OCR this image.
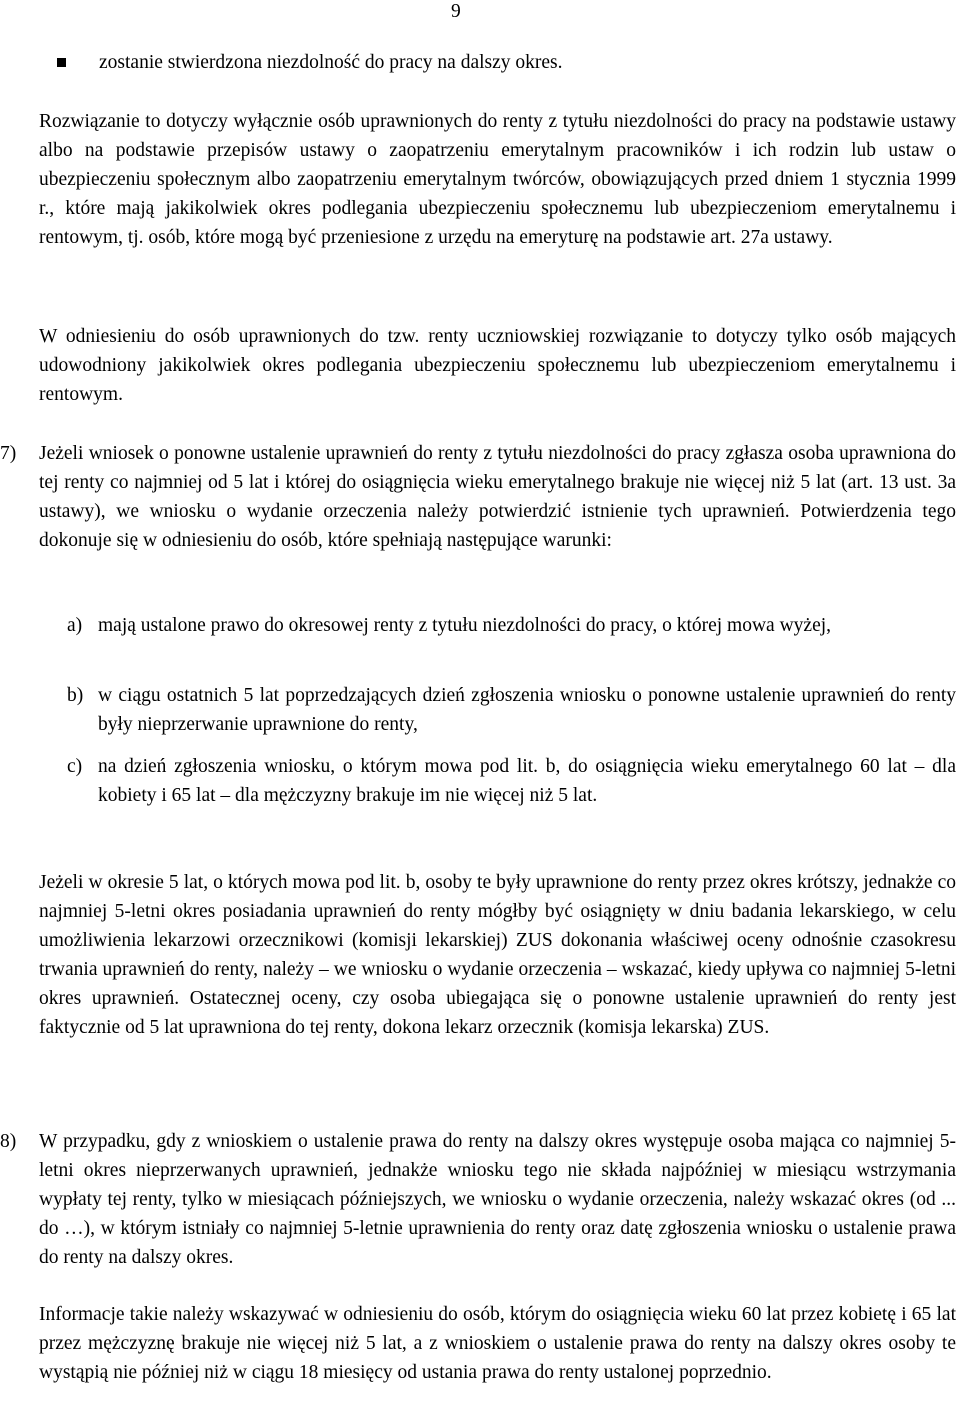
9
zostanie stwierdzona niezdolność do pracy na dalszy okres.
Rozwiązanie to dotyczy wyłącznie osób uprawnionych do renty z tytułu niezdolności do pracy na podstawie ustawy albo na podstawie przepisów ustawy o zaopatrzeniu emerytalnym pracowników i ich rodzin lub ustaw o ubezpieczeniu społecznym albo zaopatrzeniu emerytalnym twórców, obowiązujących przed dniem 1 stycznia 1999 r., które mają jakikolwiek okres podlegania ubezpieczeniu społecznemu lub ubezpieczeniom emerytalnemu i rentowym, tj. osób, które mogą być przeniesione z urzędu na emeryturę na podstawie art. 27a ustawy.
W odniesieniu do osób uprawnionych do tzw. renty uczniowskiej rozwiązanie to dotyczy tylko osób mających udowodniony jakikolwiek okres podlegania ubezpieczeniu społecznemu lub ubezpieczeniom emerytalnemu i rentowym.
7) Jeżeli wniosek o ponowne ustalenie uprawnień do renty z tytułu niezdolności do pracy zgłasza osoba uprawniona do tej renty co najmniej od 5 lat i której do osiągnięcia wieku emerytalnego brakuje nie więcej niż 5 lat (art. 13 ust. 3a ustawy), we wniosku o wydanie orzeczenia należy potwierdzić istnienie tych uprawnień. Potwierdzenia tego dokonuje się w odniesieniu do osób, które spełniają następujące warunki:
a) mają ustalone prawo do okresowej renty z tytułu niezdolności do pracy, o której mowa wyżej,
b) w ciągu ostatnich 5 lat poprzedzających dzień zgłoszenia wniosku o ponowne ustalenie uprawnień do renty były nieprzerwanie uprawnione do renty,
c) na dzień zgłoszenia wniosku, o którym mowa pod lit. b, do osiągnięcia wieku emerytalnego 60 lat – dla kobiety i 65 lat – dla mężczyzny brakuje im nie więcej niż 5 lat.
Jeżeli w okresie 5 lat, o których mowa pod lit. b, osoby te były uprawnione do renty przez okres krótszy, jednakże co najmniej 5-letni okres posiadania uprawnień do renty mógłby być osiągnięty w dniu badania lekarskiego, w celu umożliwienia lekarzowi orzecznikowi (komisji lekarskiej) ZUS dokonania właściwej oceny odnośnie czasokresu trwania uprawnień do renty, należy – we wniosku o wydanie orzeczenia – wskazać, kiedy upływa co najmniej 5-letni okres uprawnień. Ostatecznej oceny, czy osoba ubiegająca się o ponowne ustalenie uprawnień do renty jest faktycznie od 5 lat uprawniona do tej renty, dokona lekarz orzecznik (komisja lekarska) ZUS.
8) W przypadku, gdy z wnioskiem o ustalenie prawa do renty na dalszy okres występuje osoba mająca co najmniej 5-letni okres nieprzerwanych uprawnień, jednakże wniosku tego nie składa najpóźniej w miesiącu wstrzymania wypłaty tej renty, tylko w miesiącach późniejszych, we wniosku o wydanie orzeczenia, należy wskazać okres (od ... do …), w którym istniały co najmniej 5-letnie uprawnienia do renty oraz datę zgłoszenia wniosku o ustalenie prawa do renty na dalszy okres.
Informacje takie należy wskazywać w odniesieniu do osób, którym do osiągnięcia wieku 60 lat przez kobietę i 65 lat przez mężczyznę brakuje nie więcej niż 5 lat, a z wnioskiem o ustalenie prawa do renty na dalszy okres osoby te wystąpią nie później niż w ciągu 18 miesięcy od ustania prawa do renty ustalonej poprzednio.
